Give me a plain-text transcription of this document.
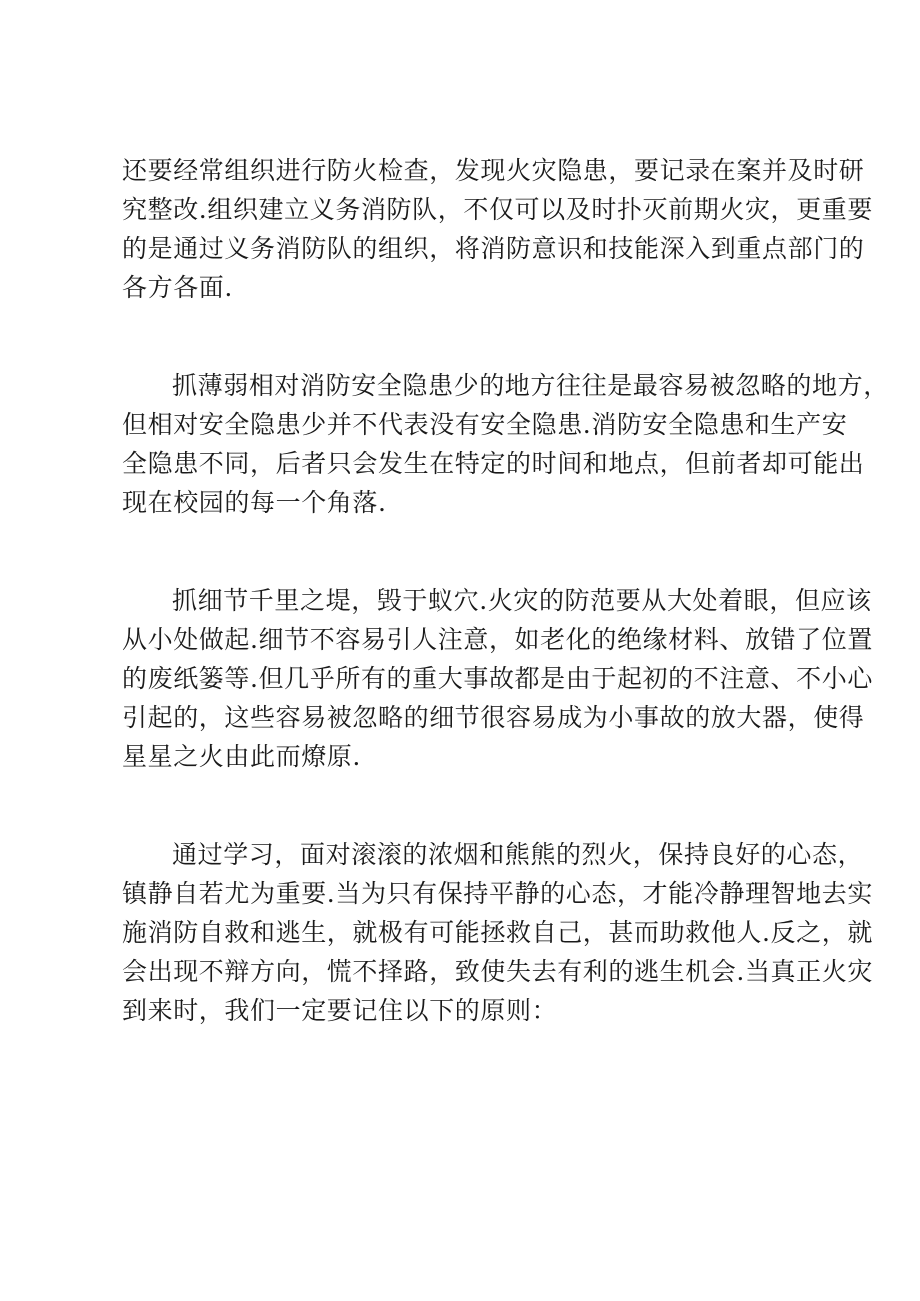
还要经常组织进行防火检查，发现火灾隐患，要记录在案并及时研
究整改.组织建立义务消防队，不仅可以及时扑灭前期火灾，更重要
的是通过义务消防队的组织，将消防意识和技能深入到重点部门的
各方各面.
抓薄弱相对消防安全隐患少的地方往往是最容易被忽略的地方，
但相对安全隐患少并不代表没有安全隐患.消防安全隐患和生产安
全隐患不同，后者只会发生在特定的时间和地点，但前者却可能出
现在校园的每一个角落.
抓细节千里之堤，毁于蚁穴.火灾的防范要从大处着眼，但应该
从小处做起.细节不容易引人注意，如老化的绝缘材料、放错了位置
的废纸篓等.但几乎所有的重大事故都是由于起初的不注意、不小心
引起的，这些容易被忽略的细节很容易成为小事故的放大器，使得
星星之火由此而燎原.
通过学习，面对滚滚的浓烟和熊熊的烈火，保持良好的心态，
镇静自若尤为重要.当为只有保持平静的心态，才能冷静理智地去实
施消防自救和逃生，就极有可能拯救自己，甚而助救他人.反之，就
会出现不辩方向，慌不择路，致使失去有利的逃生机会.当真正火灾
到来时，我们一定要记住以下的原则：
